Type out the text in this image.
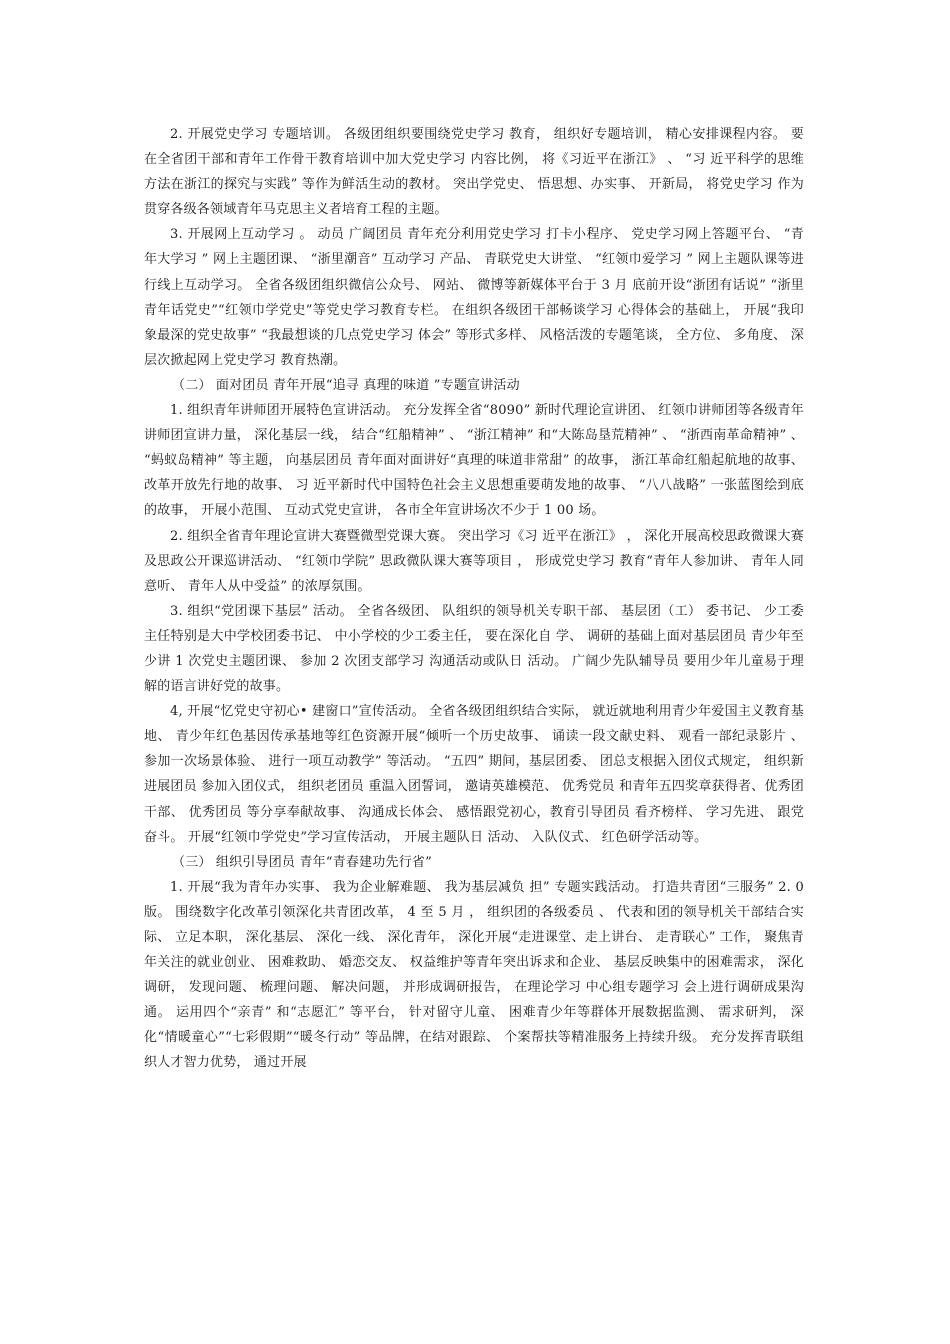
2. 开展党史学习 专题培训。 各级团组织要围绕党史学习 教育， 组织好专题培训， 精心安排课程内容。 要在全省团干部和青年工作骨干教育培训中加大党史学习 内容比例， 将《习近平在浙江》 、 “习 近平科学的思维方法在浙江的探究与实践” 等作为鲜活生动的教材。 突出学党史、 悟思想、办实事、 开新局， 将党史学习 作为贯穿各级各领域青年马克思主义者培育工程的主题。

3. 开展网上互动学习 。 动员 广阔团员 青年充分利用党史学习 打卡小程序、 党史学习网上答题平台、 “青年大学习 ” 网上主题团课、 “浙里潮音” 互动学习 产品、 青联党史大讲堂、 “红领巾爱学习 ” 网上主题队课等进行线上互动学习。 全省各级团组织微信公众号、 网站、 微博等新媒体平台于 3 月 底前开设“浙团有话说” “浙里青年话党史”“红领巾学党史”等党史学习教育专栏。 在组织各级团干部畅谈学习 心得体会的基础上， 开展“我印象最深的党史故事” “我最想谈的几点党史学习 体会” 等形式多样、 风格活泼的专题笔谈， 全方位、 多角度、 深层次掀起网上党史学习 教育热潮。

（二） 面对团员 青年开展“追寻 真理的味道 ”专题宣讲活动

1. 组织青年讲师团开展特色宣讲活动。 充分发挥全省“8090” 新时代理论宣讲团、 红领巾讲师团等各级青年讲师团宣讲力量， 深化基层一线， 结合“红船精神” 、 “浙江精神” 和“大陈岛垦荒精神” 、 “浙西南革命精神” 、 “蚂蚁岛精神” 等主题， 向基层团员 青年面对面讲好“真理的味道非常甜” 的故事， 浙江革命红船起航地的故事、 改革开放先行地的故事、 习 近平新时代中国特色社会主义思想重要萌发地的故事、 “八八战略” 一张蓝图绘到底的故事， 开展小范围、 互动式党史宣讲， 各市全年宣讲场次不少于 1 00 场。

2. 组织全省青年理论宣讲大赛暨微型党课大赛。 突出学习《习 近平在浙江》 ， 深化开展高校思政微课大赛及思政公开课巡讲活动、 “红领巾学院” 思政微队课大赛等项目 ， 形成党史学习 教育“青年人参加讲、 青年人同意听、 青年人从中受益” 的浓厚氛围。

3. 组织“党团课下基层” 活动。 全省各级团、 队组织的领导机关专职干部、 基层团（工） 委书记、 少工委主任特别是大中学校团委书记、 中小学校的少工委主任， 要在深化自 学、 调研的基础上面对基层团员 青少年至少讲 1 次党史主题团课、 参加 2 次团支部学习 沟通活动或队日 活动。 广阔少先队辅导员 要用少年儿童易于理解的语言讲好党的故事。

4, 开展“忆党史守初心• 建窗口”宣传活动。 全省各级团组织结合实际， 就近就地利用青少年爱国主义教育基地、 青少年红色基因传承基地等红色资源开展“倾听一个历史故事、 诵读一段文献史料、 观看一部纪录影片 、 参加一次场景体验、 进行一项互动教学” 等活动。 “五四” 期间，基层团委、 团总支根据入团仪式规定， 组织新进展团员 参加入团仪式， 组织老团员 重温入团誓词， 邀请英雄模范、 优秀党员 和青年五四奖章获得者、优秀团干部、 优秀团员 等分享奉献故事、 沟通成长体会、 感悟跟党初心，教育引导团员 看齐榜样、 学习先进、 跟党奋斗。 开展“红领巾学党史”学习宣传活动， 开展主题队日 活动、 入队仪式、 红色研学活动等。

（三） 组织引导团员 青年“青春建功先行省”

1. 开展“我为青年办实事、 我为企业解难题、 我为基层减负 担” 专题实践活动。 打造共青团“三服务” 2. 0 版。 围绕数字化改革引领深化共青团改革， 4 至 5 月 ， 组织团的各级委员 、 代表和团的领导机关干部结合实际、 立足本职， 深化基层、 深化一线、 深化青年， 深化开展“走进课堂、走上讲台、 走青联心” 工作， 聚焦青年关注的就业创业、 困难救助、 婚恋交友、 权益维护等青年突出诉求和企业、 基层反映集中的困难需求， 深化调研， 发现问题、 梳理问题、 解决问题， 并形成调研报告， 在理论学习 中心组专题学习 会上进行调研成果沟通。 运用四个“亲青” 和“志愿汇” 等平台， 针对留守儿童、 困难青少年等群体开展数据监测、 需求研判， 深化“情暖童心”“七彩假期”“暖冬行动” 等品牌，在结对跟踪、 个案帮扶等精准服务上持续升级。 充分发挥青联组织人才智力优势， 通过开展
